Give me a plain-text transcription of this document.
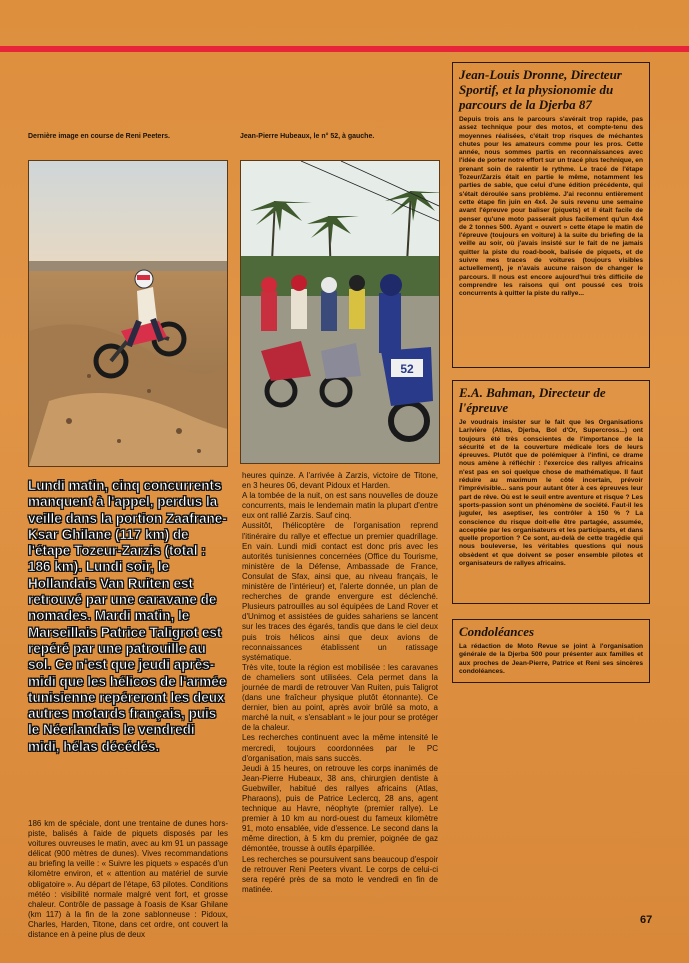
Dernière image en course de Reni Peeters.	Jean-Pierre Hubeaux, le n° 52, à gauche.
52
Lundi matin, cinq concurrents manquent à l'appel, perdus la veille dans la portion Zaafrane-Ksar Ghilane (117 km) de l'étape Tozeur-Zarzis (total : 186 km). Lundi soir, le Hollandais Van Ruiten est retrouvé par une caravane de nomades. Mardi matin, le Marseillais Patrice Taligrot est repéré par une patrouille au sol. Ce n'est que jeudi après-midi que les hélicos de l'armée tunisienne repéreront les deux autres motards français, puis le Néerlandais le vendredi midi, hélas décédés.

186 km de spéciale, dont une trentaine de dunes hors-piste, balisés à l'aide de piquets disposés par les voitures ouvreuses le matin, avec au km 91 un passage délicat (900 mètres de dunes). Vives recommandations au briefing la veille : « Suivre les piquets » espacés d'un kilomètre environ, et « attention au matériel de survie obligatoire ». Au départ de l'étape, 63 pilotes. Conditions météo : visibilité normale malgré vent fort, et grosse chaleur. Contrôle de passage à l'oasis de Ksar Ghilane (km 117) à la fin de la zone sablonneuse : Pidoux, Charles, Harden, Titone, dans cet ordre, ont couvert la distance en à peine plus de deux

heures quinze. A l'arrivée à Zarzis, victoire de Titone, en 3 heures 06, devant Pidoux et Harden.

A la tombée de la nuit, on est sans nouvelles de douze concurrents, mais le lendemain matin la plupart d'entre eux ont rallié Zarzis. Sauf cinq.

Aussitôt, l'hélicoptère de l'organisation reprend l'itinéraire du rallye et effectue un premier quadrillage. En vain. Lundi midi contact est donc pris avec les autorités tunisiennes concernées (Office du Tourisme, ministère de la Défense, Ambassade de France, Consulat de Sfax, ainsi que, au niveau français, le ministère de l'intérieur) et, l'alerte donnée, un plan de recherches de grande envergure est déclenché. Plusieurs patrouilles au sol équipées de Land Rover et d'Unimog et assistées de guides sahariens se lancent sur les traces des égarés, tandis que dans le ciel deux puis trois hélicos ainsi que deux avions de reconnaissances établissent un ratissage systématique.

Très vite, toute la région est mobilisée : les caravanes de chameliers sont utilisées. Cela permet dans la journée de mardi de retrouver Van Ruiten, puis Taligrot (dans une fraîcheur physique plutôt étonnante). Ce dernier, bien au point, après avoir brûlé sa moto, a marché la nuit, « s'ensablant » le jour pour se protéger de la chaleur.

Les recherches continuent avec la même intensité le mercredi, toujours coordonnées par le PC d'organisation, mais sans succès.

Jeudi à 15 heures, on retrouve les corps inanimés de Jean-Pierre Hubeaux, 38 ans, chirurgien dentiste à Guebwiller, habitué des rallyes africains (Atlas, Pharaons), puis de Patrice Leclercq, 28 ans, agent technique au Havre, néophyte (premier rallye). Le premier à 10 km au nord-ouest du fameux kilomètre 91, moto ensablée, vide d'essence. Le second dans la même direction, à 5 km du premier, poignée de gaz démontée, trousse à outils éparpillée.

Les recherches se poursuivent sans beaucoup d'espoir de retrouver Reni Peeters vivant. Le corps de celui-ci sera repéré près de sa moto le vendredi en fin de matinée.

Jean-Louis Dronne, Directeur Sportif, et la physionomie du parcours de la Djerba 87

Depuis trois ans le parcours s'avérait trop rapide, pas assez technique pour des motos, et compte-tenu des moyennes réalisées, c'était trop risques de méchantes chutes pour les amateurs comme pour les pros. Cette année, nous sommes partis en reconnaissances avec l'idée de porter notre effort sur un tracé plus technique, en prenant soin de ralentir le rythme. Le tracé de l'étape Tozeur/Zarzis était en partie le même, notamment les parties de sable, que celui d'une édition précédente, qui s'était déroulée sans problème. J'ai reconnu entièrement cette étape fin juin en 4x4. Je suis revenu une semaine avant l'épreuve pour baliser (piquets) et il était facile de penser qu'une moto passerait plus facilement qu'un 4x4 de 2 tonnes 500. Ayant « ouvert » cette étape le matin de l'épreuve (toujours en voiture) à la suite du briefing de la veille au soir, où j'avais insisté sur le fait de ne jamais quitter la piste du road-book, balisée de piquets, et de suivre mes traces de voitures (toujours visibles actuellement), je n'avais aucune raison de changer le parcours. Il nous est encore aujourd'hui très difficile de comprendre les raisons qui ont poussé ces trois concurrents à quitter la piste du rallye...

E.A. Bahman, Directeur de l'épreuve

Je voudrais insister sur le fait que les Organisations Larivière (Atlas, Djerba, Bol d'Or, Supercross...) ont toujours été très conscientes de l'importance de la sécurité et de la couverture médicale lors de leurs épreuves. Plutôt que de polémiquer à l'infini, ce drame nous amène à réfléchir : l'exercice des rallyes africains n'est pas en soi quelque chose de mathématique. Il faut réduire au maximum le côté incertain, prévoir l'imprévisible... sans pour autant ôter à ces épreuves leur part de rêve. Où est le seuil entre aventure et risque ? Les sports-passion sont un phénomène de société. Faut-il les juguler, les aseptiser, les contrôler à 150 % ? La conscience du risque doit-elle être partagée, assumée, acceptée par les organisateurs et les participants, et dans quelle proportion ? Ce sont, au-delà de cette tragédie qui nous bouleverse, les véritables questions qui nous obsèdent et que doivent se poser ensemble pilotes et organisateurs de rallyes africains.

Condoléances

La rédaction de Moto Revue se joint à l'organisation générale de la Djerba 500 pour présenter aux familles et aux proches de Jean-Pierre, Patrice et Reni ses sincères condoléances.

67
